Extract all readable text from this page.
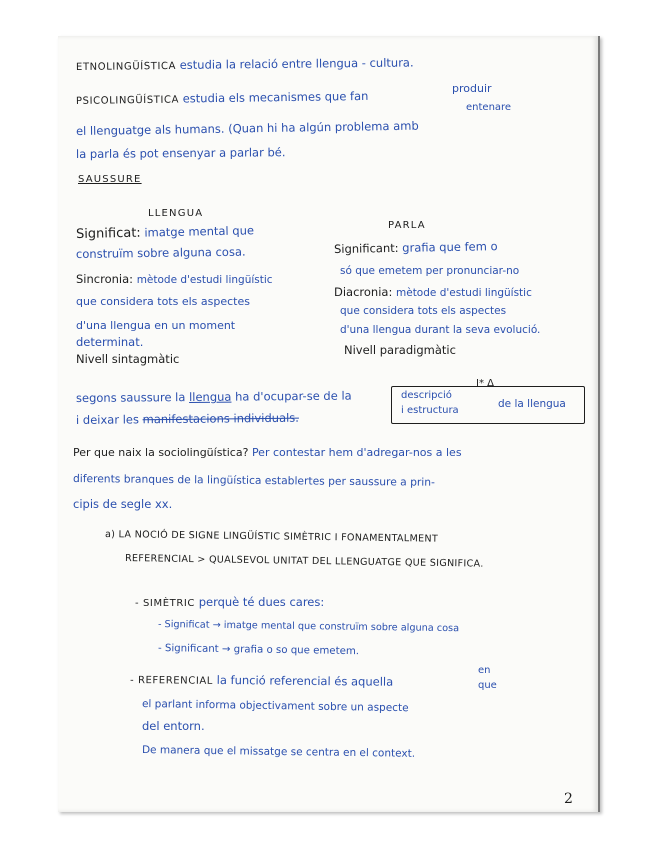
ETNOLINGÜÍSTICA estudia la relació entre llengua - cultura.
PSICOLINGÜÍSTICA estudia els mecanismes que fan
produir
entenare
el llenguatge als humans. (Quan hi ha algún problema amb
la parla és pot ensenyar a parlar bé.
SAUSSURE
LLENGUA
PARLA
Significat: imatge mental que
construïm sobre alguna cosa.
Sincronia: mètode d'estudi lingüístic
que considera tots els aspectes
d'una llengua en un moment
determinat.
Nivell sintagmàtic
Significant: grafia que fem o
só que emetem per pronunciar-no
Diacronia: mètode d'estudi lingüístic
que considera tots els aspectes
d'una llengua durant la seva evolució.
Nivell paradigmàtic
I* Δ
segons saussure la llengua ha d'ocupar-se de la	descripció
i estructura
de la llengua
i deixar les manifestacions individuals.
Per que naix la sociolingüística? Per contestar hem d'adregar-nos a les
diferents branques de la lingüística establertes per saussure a prin-
cipis de segle xx.
a) LA NOCIÓ DE SIGNE LINGÜÍSTIC SIMÈTRIC I FONAMENTALMENT
REFERENCIAL > QUALSEVOL UNITAT DEL LLENGUATGE QUE SIGNIFICA.
- SIMÈTRIC perquè té dues cares:
- Significat → imatge mental que construïm sobre alguna cosa
- Significant → grafia o so que emetem.
- REFERENCIAL la funció referencial és aquella
en
que
el parlant informa objectivament sobre un aspecte
del entorn.
De manera que el missatge se centra en el context.
2
